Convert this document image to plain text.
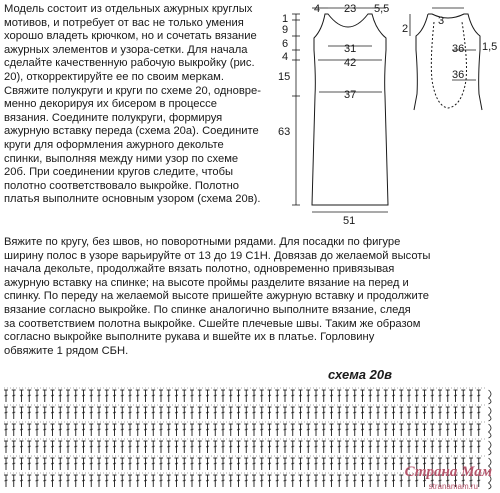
Модель состоит из отдельных ажурных круглых
мотивов, и потребует от вас не только умения
хорошо владеть крючком, но и сочетать вязание
ажурных элементов и узора-сетки. Для начала
сделайте качественную рабочую выкройку (рис.
20), откорректируйте ее по своим меркам.
Свяжите полукруги и круги по схеме 20, одновре-
менно декорируя их бисером в процессе
вязания. Соедините полукруги, формируя
ажурную вставку переда (схема 20а). Соедините
круги для оформления ажурного декольте
спинки, выполняя между ними узор по схеме
20б. При соединении кругов следите, чтобы
полотно соответствовало выкройке. Полотно
платья выполните основным узором (схема 20в).
Вяжите по кругу, без швов, но поворотными рядами. Для посадки по фигуре
ширину полос в узоре варьируйте от 13 до 19 С1Н. Довязав до желаемой высоты
начала декольте, продолжайте вязать полотно, одновременно привязывая
ажурную вставку на спинке; на высоте проймы разделите вязание на перед и
спинку. По переду на желаемой высоте пришейте ажурную вставку и продолжите
вязание согласно выкройке. По спинке аналогично выполните вязание, следя
за соответствием полотна выкройке. Сшейте плечевые швы. Таким же образом
согласно выкройке выполните рукава и вшейте их в платье. Горловину
обвяжите 1 рядом СБН.
4 23 5,5
1
9
6
4
15
63
31
42
37
51
3
2
36
36
1,5
схема 20в
Страна Мам
stranamam.ru
